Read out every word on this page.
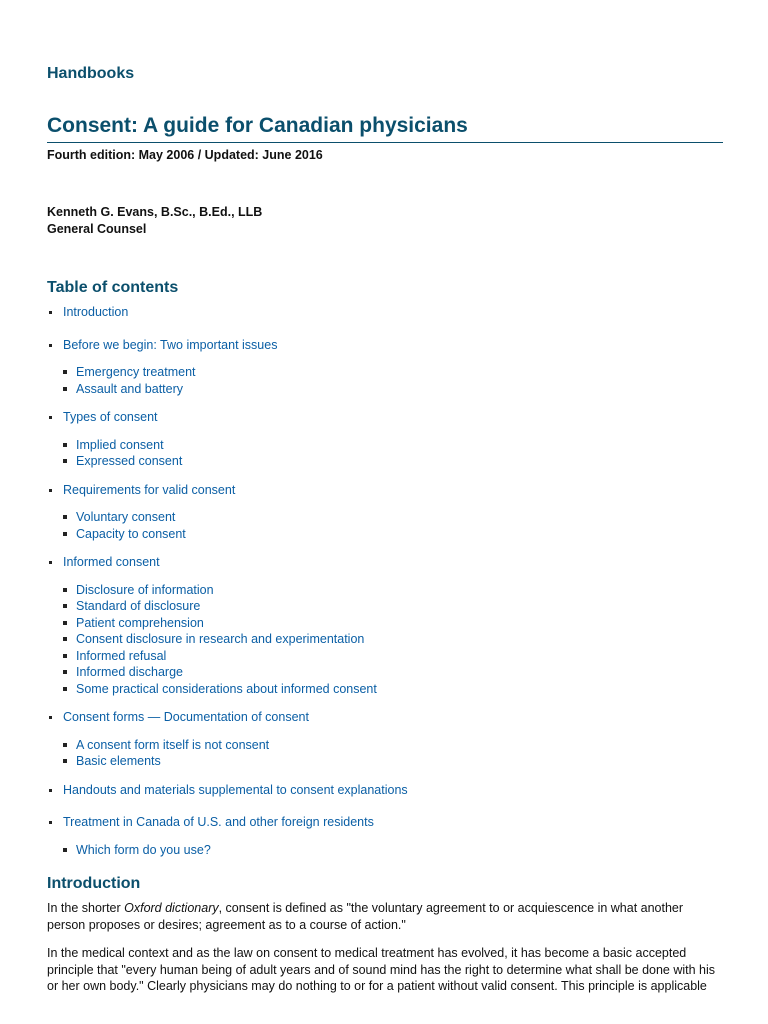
Handbooks
Consent: A guide for Canadian physicians
Fourth edition: May 2006 / Updated: June 2016
Kenneth G. Evans, B.Sc., B.Ed., LLB
General Counsel
Table of contents
Introduction
Before we begin: Two important issues
Emergency treatment
Assault and battery
Types of consent
Implied consent
Expressed consent
Requirements for valid consent
Voluntary consent
Capacity to consent
Informed consent
Disclosure of information
Standard of disclosure
Patient comprehension
Consent disclosure in research and experimentation
Informed refusal
Informed discharge
Some practical considerations about informed consent
Consent forms — Documentation of consent
A consent form itself is not consent
Basic elements
Handouts and materials supplemental to consent explanations
Treatment in Canada of U.S. and other foreign residents
Which form do you use?
Introduction

In the shorter Oxford dictionary, consent is defined as "the voluntary agreement to or acquiescence in what another person proposes or desires; agreement as to a course of action."

In the medical context and as the law on consent to medical treatment has evolved, it has become a basic accepted principle that "every human being of adult years and of sound mind has the right to determine what shall be done with his or her own body." Clearly physicians may do nothing to or for a patient without valid consent. This principle is applicable
